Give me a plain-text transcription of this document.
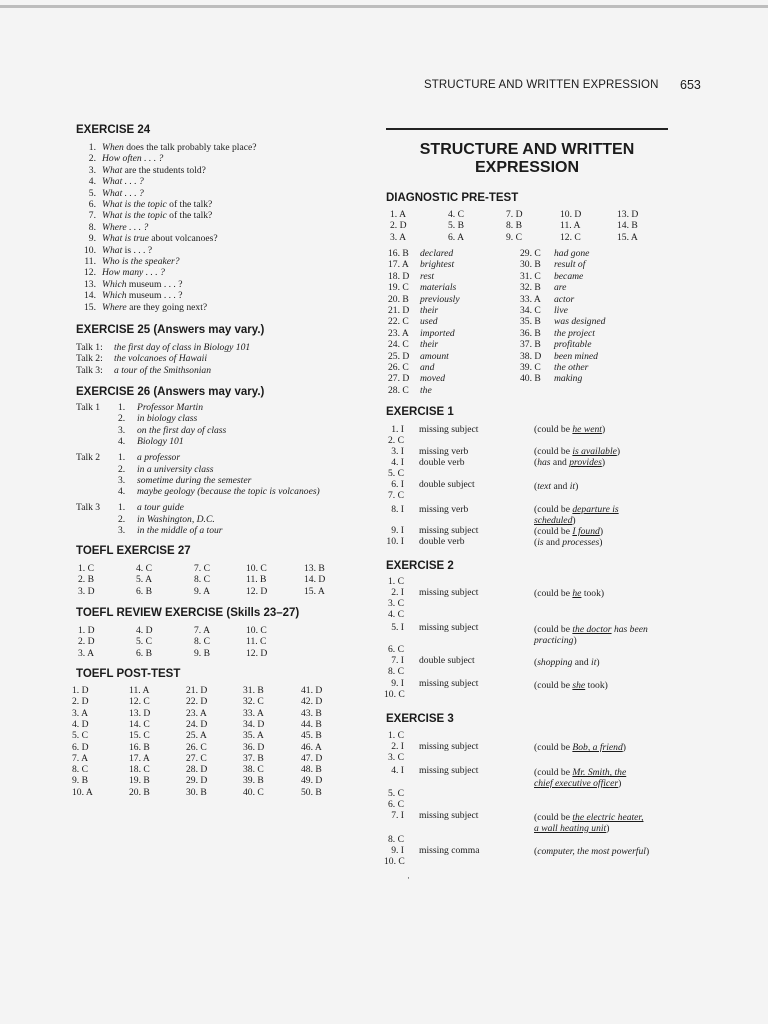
STRUCTURE AND WRITTEN EXPRESSION 653
EXERCISE 24
1. When does the talk probably take place?
2. How often . . . ?
3. What are the students told?
4. What . . . ?
5. What . . . ?
6. What is the topic of the talk?
7. What is the topic of the talk?
8. Where . . . ?
9. What is true about volcanoes?
10. What is . . . ?
11. Who is the speaker?
12. How many . . . ?
13. Which museum . . . ?
14. Which museum . . . ?
15. Where are they going next?
EXERCISE 25 (Answers may vary.)
Talk 1: the first day of class in Biology 101
Talk 2: the volcanoes of Hawaii
Talk 3: a tour of the Smithsonian
EXERCISE 26 (Answers may vary.)
Talk 1 1. Professor Martin
2. in biology class
3. on the first day of class
4. Biology 101
Talk 2 1. a professor
2. in a university class
3. sometime during the semester
4. maybe geology (because the topic is volcanoes)
Talk 3 1. a tour guide
2. in Washington, D.C.
3. in the middle of a tour
TOEFL EXERCISE 27
1. C
2. B
3. D
4. C
5. A
6. B
7. C
8. C
9. A
10. C
11. B
12. D
13. B
14. D
15. A
TOEFL REVIEW EXERCISE (Skills 23–27)
1. D
2. D
3. A
4. D
5. C
6. B
7. A
8. C
9. B
10. C
11. C
12. D
TOEFL POST-TEST
1. D
2. D
3. A
4. D
5. C
6. D
7. A
8. C
9. B
10. A
11. A
12. C
13. D
14. C
15. C
16. B
17. A
18. C
19. B
20. B
21. D
22. D
23. A
24. D
25. A
26. C
27. C
28. D
29. D
30. B
31. B
32. C
33. A
34. D
35. A
36. D
37. B
38. C
39. B
40. C
41. D
42. D
43. B
44. B
45. B
46. A
47. D
48. B
49. D
50. B
STRUCTURE AND WRITTEN EXPRESSION
DIAGNOSTIC PRE-TEST
1. A
2. D
3. A
4. C
5. B
6. A
7. D
8. B
9. C
10. D
11. A
12. C
13. D
14. B
15. A
16. B declared
17. A brightest
18. D rest
19. C materials
20. B previously
21. D their
22. C used
23. A imported
24. C their
25. D amount
26. C and
27. D moved
28. C the
29. C had gone
30. B result of
31. C became
32. B are
33. A actor
34. C live
35. B was designed
36. B the project
37. B profitable
38. D been mined
39. C the other
40. B making
EXERCISE 1
1. I missing subject
2. C
3. I missing verb
4. I double verb
5. C
6. I double subject
7. C
8. I missing verb
9. I missing subject
10. I double verb
(could be he went)
(could be is available)
(has and provides)
(text and it)
(could be departure is
scheduled)
(could be I found)
(is and processes)
EXERCISE 2
1. C
2. I missing subject
3. C
4. C
5. I missing subject
6. C
7. I double subject
8. C
9. I missing subject
10. C
(could be he took)
(could be the doctor has been
practicing)
(shopping and it)
(could be she took)
EXERCISE 3
1. C
2. I missing subject
3. C
4. I missing subject
5. C
6. C
7. I missing subject
8. C
9. I missing comma
10. C
(could be Bob, a friend)
(could be Mr. Smith, the
chief executive officer)
(could be the electric heater,
a wall heating unit)
(computer, the most powerful)
·
